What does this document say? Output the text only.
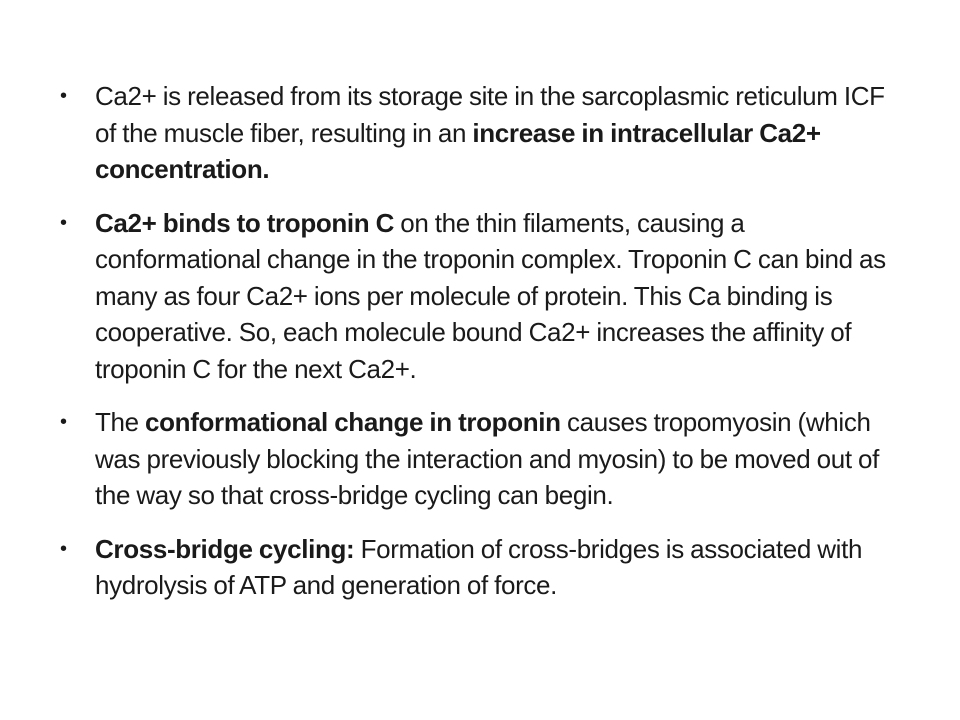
• Ca2+ is released from its storage site in the sarcoplasmic reticulum ICF of the muscle fiber, resulting in an increase in intracellular Ca2+ concentration.
• Ca2+ binds to troponin C on the thin filaments, causing a conformational change in the troponin complex. Troponin C can bind as many as four Ca2+ ions per molecule of protein. This Ca binding is cooperative. So, each molecule bound Ca2+ increases the affinity of troponin C for the next Ca2+.
• The conformational change in troponin causes tropomyosin (which was previously blocking the interaction and myosin) to be moved out of the way so that cross-bridge cycling can begin.
• Cross-bridge cycling: Formation of cross-bridges is associated with hydrolysis of ATP and generation of force.
